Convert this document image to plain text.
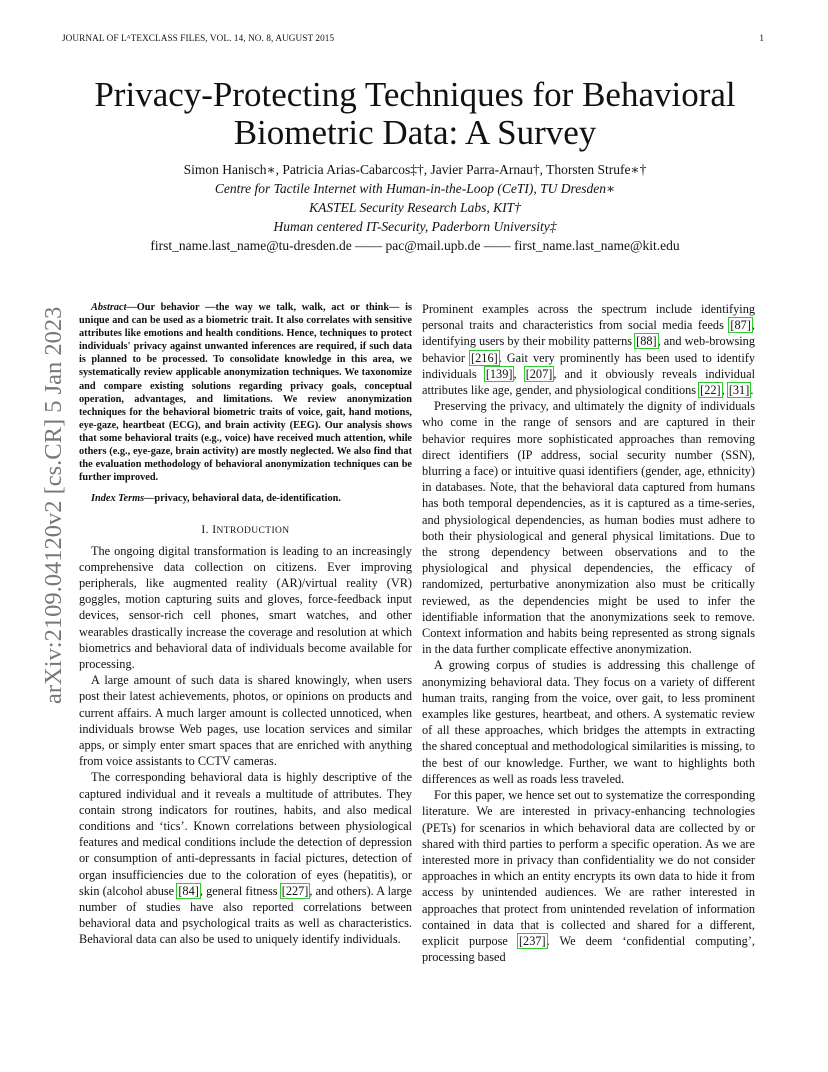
JOURNAL OF LᴬTEXCLASS FILES, VOL. 14, NO. 8, AUGUST 2015	1
Privacy-Protecting Techniques for Behavioral
Biometric Data: A Survey
Simon Hanisch∗, Patricia Arias-Cabarcos‡†, Javier Parra-Arnau†, Thorsten Strufe∗†
Centre for Tactile Internet with Human-in-the-Loop (CeTI), TU Dresden∗
KASTEL Security Research Labs, KIT†
Human centered IT-Security, Paderborn University‡
first_name.last_name@tu-dresden.de —— pac@mail.upb.de —— first_name.last_name@kit.edu
arXiv:2109.04120v2 [cs.CR] 5 Jan 2023	Abstract—Our behavior —the way we talk, walk, act or think— is unique and can be used as a biometric trait. It also correlates with sensitive attributes like emotions and health conditions. Hence, techniques to protect individuals' privacy against unwanted inferences are required, if such data is planned to be processed. To consolidate knowledge in this area, we systematically review applicable anonymization techniques. We taxonomize and compare existing solutions regarding privacy goals, conceptual operation, advantages, and limitations. We review anonymization techniques for the behavioral biometric traits of voice, gait, hand motions, eye-gaze, heartbeat (ECG), and brain activity (EEG). Our analysis shows that some behavioral traits (e.g., voice) have received much attention, while others (e.g., eye-gaze, brain activity) are mostly neglected. We also find that the evaluation methodology of behavioral anonymization techniques can be further improved.

Index Terms—privacy, behavioral data, de-identification.

I. INTRODUCTION

The ongoing digital transformation is leading to an increasingly comprehensive data collection on citizens. Ever improving peripherals, like augmented reality (AR)/virtual reality (VR) goggles, motion capturing suits and gloves, force-feedback input devices, sensor-rich cell phones, smart watches, and other wearables drastically increase the coverage and resolution at which biometrics and behavioral data of individuals become available for processing.

A large amount of such data is shared knowingly, when users post their latest achievements, photos, or opinions on products and current affairs. A much larger amount is collected unnoticed, when individuals browse Web pages, use location services and similar apps, or simply enter smart spaces that are enriched with anything from voice assistants to CCTV cameras.

The corresponding behavioral data is highly descriptive of the captured individual and it reveals a multitude of attributes. They contain strong indicators for routines, habits, and also medical conditions and ‘tics’. Known correlations between physiological features and medical conditions include the detection of depression or consumption of anti-depressants in facial pictures, detection of organ insufficiencies due to the coloration of eyes (hepatitis), or skin (alcohol abuse [84], general fitness [227], and others). A large number of studies have also reported correlations between behavioral data and psychological traits as well as characteristics. Behavioral data can also be used to uniquely identify individuals.

Prominent examples across the spectrum include identifying personal traits and characteristics from social media feeds [87], identifying users by their mobility patterns [88], and web-browsing behavior [216]. Gait very prominently has been used to identify individuals [139], [207], and it obviously reveals individual attributes like age, gender, and physiological conditions [22], [31].

Preserving the privacy, and ultimately the dignity of individuals who come in the range of sensors and are captured in their behavior requires more sophisticated approaches than removing direct identifiers (IP address, social security number (SSN), blurring a face) or intuitive quasi identifiers (gender, age, ethnicity) in databases. Note, that the behavioral data captured from humans has both temporal dependencies, as it is captured as a time-series, and physiological dependencies, as human bodies must adhere to both their physiological and general physical limitations. Due to the strong dependency between observations and to the physiological and physical dependencies, the efficacy of randomized, perturbative anonymization also must be critically reviewed, as the dependencies might be used to infer the identifiable information that the anonymizations seek to remove. Context information and habits being represented as strong signals in the data further complicate effective anonymization.

A growing corpus of studies is addressing this challenge of anonymizing behavioral data. They focus on a variety of different human traits, ranging from the voice, over gait, to less prominent examples like gestures, heartbeat, and others. A systematic review of all these approaches, which bridges the attempts in extracting the shared conceptual and methodological similarities is missing, to the best of our knowledge. Further, we want to highlights both differences as well as roads less traveled.

For this paper, we hence set out to systematize the corresponding literature. We are interested in privacy-enhancing technologies (PETs) for scenarios in which behavioral data are collected by or shared with third parties to perform a specific operation. As we are interested more in privacy than confidentiality we do not consider approaches in which an entity encrypts its own data to hide it from access by unintended audiences. We are rather interested in approaches that protect from unintended revelation of information contained in data that is collected and shared for a different, explicit purpose [237]. We deem ‘confidential computing’, processing based
